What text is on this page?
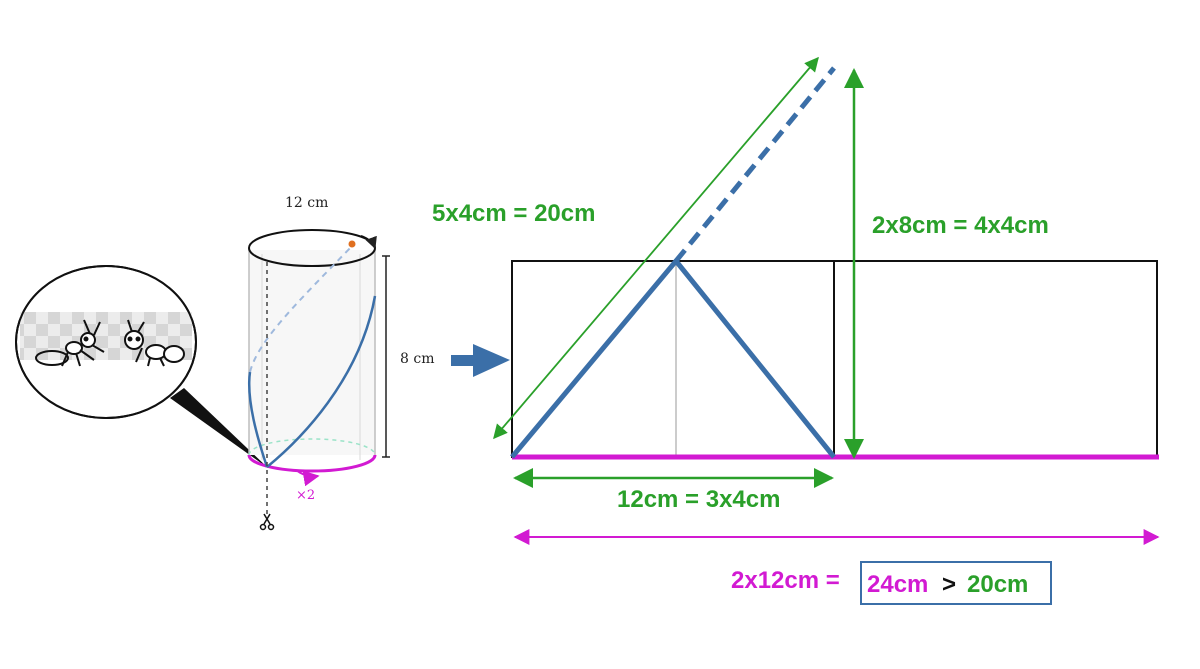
12 cm
8 cm
×2
5x4cm = 20cm	2x8cm = 4x4cm
12cm = 3x4cm
2x12cm = 24cm > 20cm
